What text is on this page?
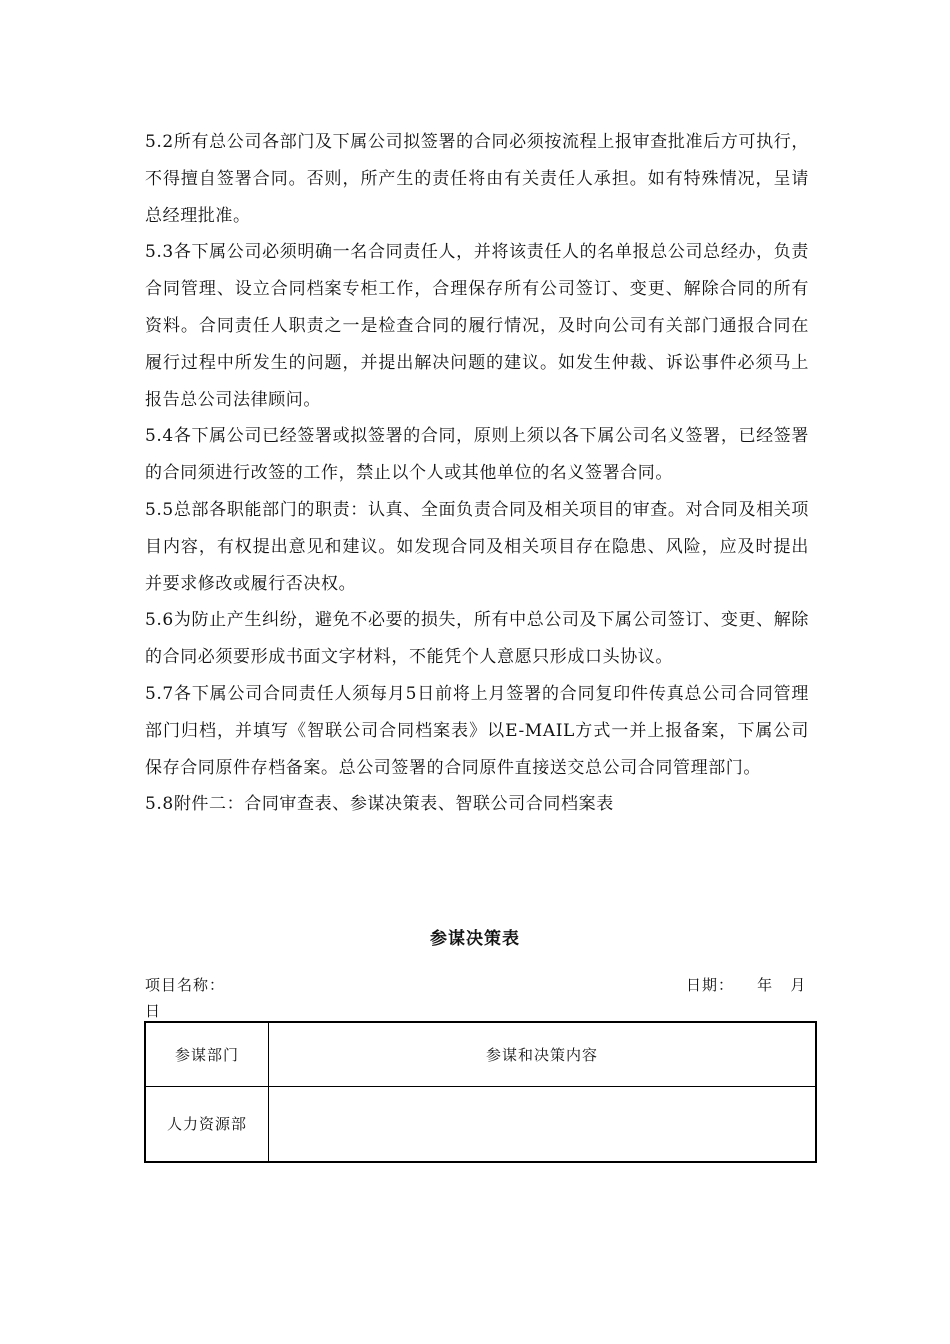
5.2所有总公司各部门及下属公司拟签署的合同必须按流程上报审查批准后方可执行，不得擅自签署合同。否则，所产生的责任将由有关责任人承担。如有特殊情况，呈请总经理批准。

5.3各下属公司必须明确一名合同责任人，并将该责任人的名单报总公司总经办，负责合同管理、设立合同档案专柜工作，合理保存所有公司签订、变更、解除合同的所有资料。合同责任人职责之一是检查合同的履行情况，及时向公司有关部门通报合同在履行过程中所发生的问题，并提出解决问题的建议。如发生仲裁、诉讼事件必须马上报告总公司法律顾问。

5.4各下属公司已经签署或拟签署的合同，原则上须以各下属公司名义签署，已经签署的合同须进行改签的工作，禁止以个人或其他单位的名义签署合同。

5.5总部各职能部门的职责：认真、全面负责合同及相关项目的审查。对合同及相关项目内容，有权提出意见和建议。如发现合同及相关项目存在隐患、风险，应及时提出并要求修改或履行否决权。

5.6为防止产生纠纷，避免不必要的损失，所有中总公司及下属公司签订、变更、解除的合同必须要形成书面文字材料，不能凭个人意愿只形成口头协议。

5.7各下属公司合同责任人须每月5日前将上月签署的合同复印件传真总公司合同管理部门归档，并填写《智联公司合同档案表》以E-MAIL方式一并上报备案，下属公司保存合同原件存档备案。总公司签署的合同原件直接送交总公司合同管理部门。

5.8附件二：合同审查表、参谋决策表、智联公司合同档案表

参谋决策表
项目名称：	日期：    年   月
日
参谋部门	参谋和决策内容
人力资源部	
